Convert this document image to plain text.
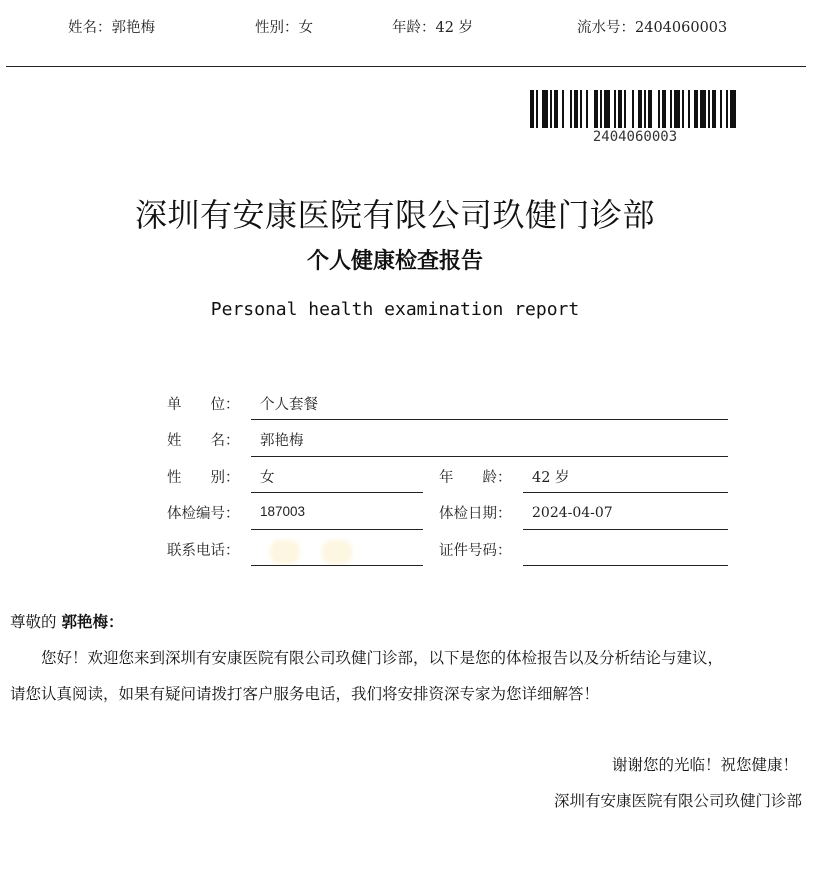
姓名：郭艳梅	性别：女	年龄：42 岁	流水号：2404060003
2404060003
深圳有安康医院有限公司玖健门诊部
个人健康检查报告
Personal health examination report
单　　位： 个人套餐
姓　　名： 郭艳梅
性　　别： 女	年　　龄： 42 岁
体检编号： 187003	体检日期： 2024-04-07
联系电话：	证件号码：
尊敬的 郭艳梅：
　　您好！欢迎您来到深圳有安康医院有限公司玖健门诊部，以下是您的体检报告以及分析结论与建议，
请您认真阅读，如果有疑问请拨打客户服务电话，我们将安排资深专家为您详细解答！
谢谢您的光临！祝您健康！
深圳有安康医院有限公司玖健门诊部
